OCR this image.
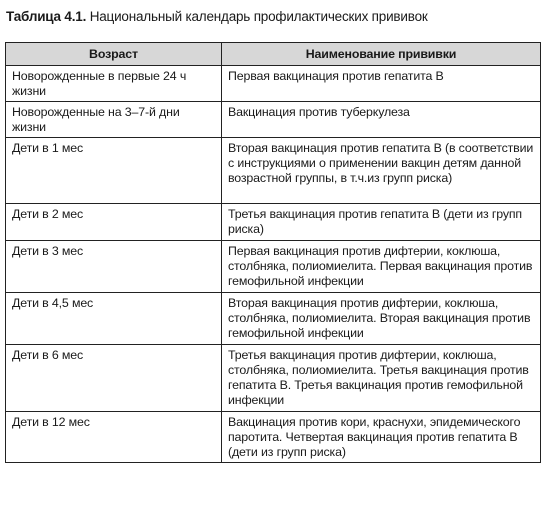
Таблица 4.1. Национальный календарь профилактических прививок
Возраст	Наименование прививки
Новорожденные в первые 24 ч жизни	Первая вакцинация против гепатита В
Новорожденные на 3–7-й дни жизни	Вакцинация против туберкулеза
Дети в 1 мес	Вторая вакцинация против гепатита В (в соответствии с инструкциями о применении вакцин детям данной возрастной группы, в т.ч.из групп риска)
Дети в 2 мес	Третья вакцинация против гепатита В (дети из групп риска)
Дети в 3 мес	Первая вакцинация против дифтерии, коклюша, столбняка, полиомиелита. Первая вакцинация против гемофильной инфекции
Дети в 4,5 мес	Вторая вакцинация против дифтерии, коклюша, столбняка, полиомиелита. Вторая вакцинация против гемофильной инфекции
Дети в 6 мес	Третья вакцинация против дифтерии, коклюша, столбняка, полиомиелита. Третья вакцинация против гепатита В. Третья вакцинация против гемофильной инфекции
Дети в 12 мес	Вакцинация против кори, краснухи, эпидемического паротита. Четвертая вакцинация против гепатита В (дети из групп риска)
